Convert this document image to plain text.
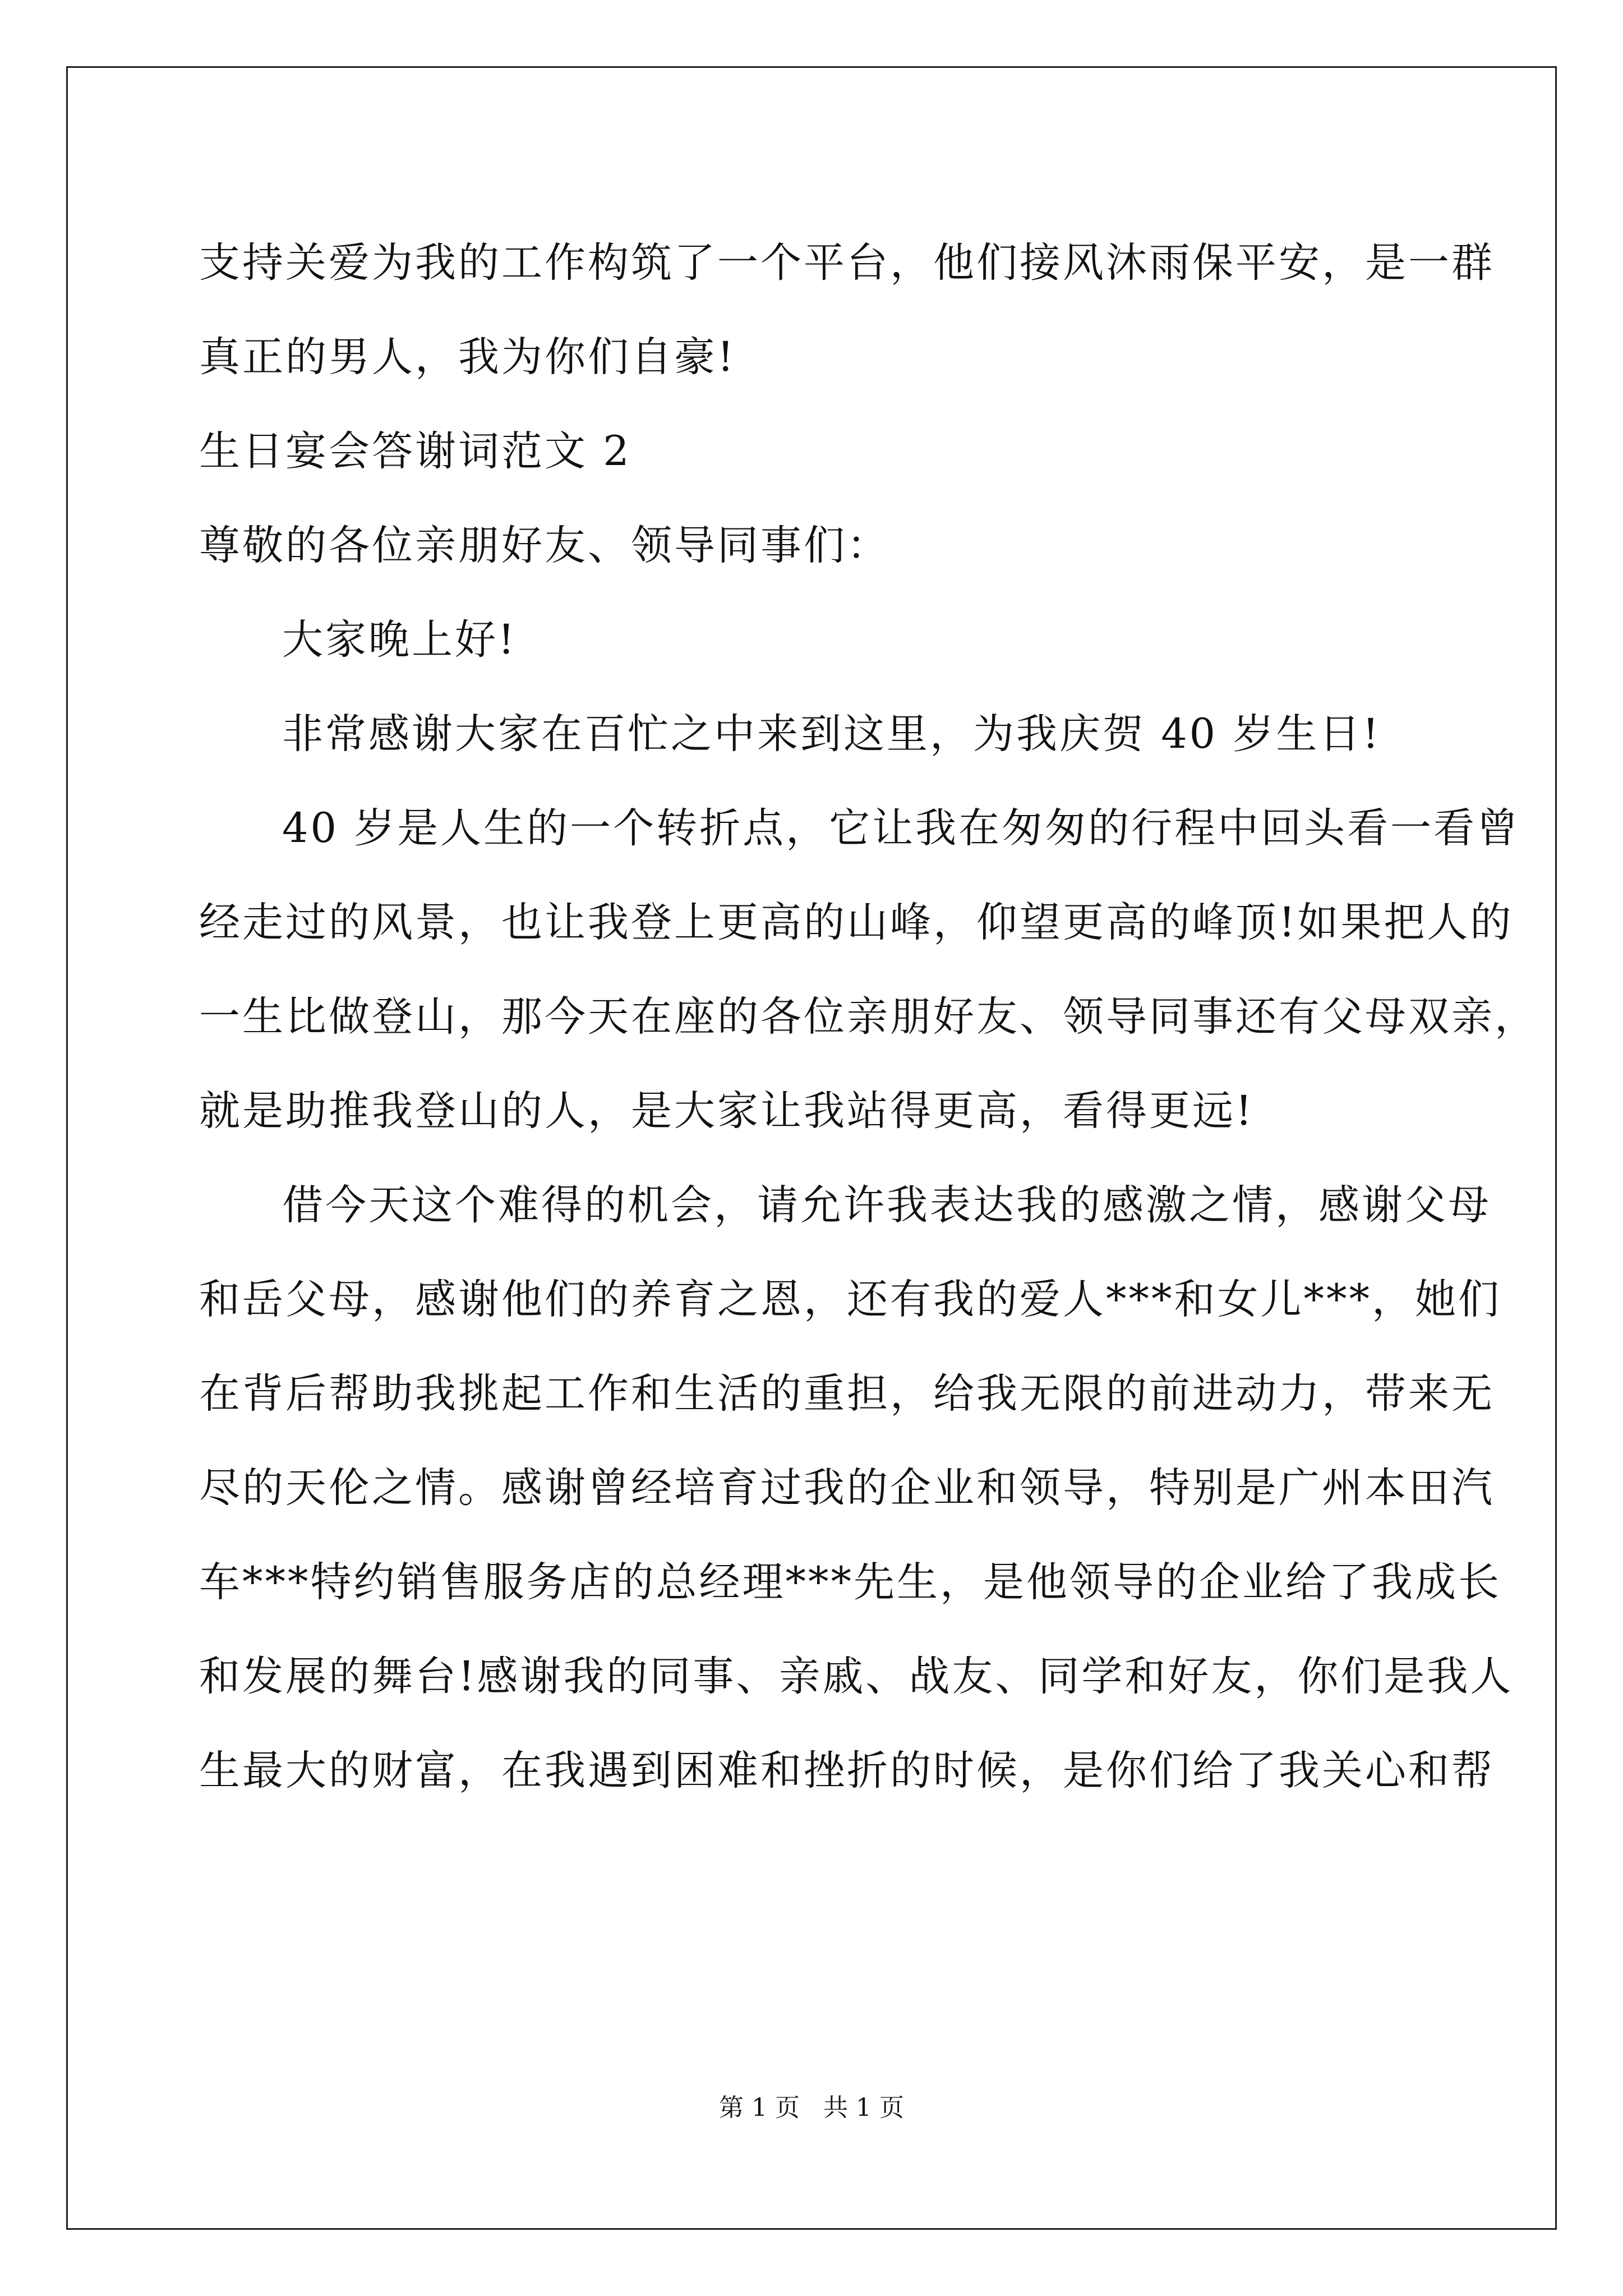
支持关爱为我的工作构筑了一个平台，他们接风沐雨保平安，是一群
真正的男人，我为你们自豪!
生日宴会答谢词范文 2
尊敬的各位亲朋好友、领导同事们：
大家晚上好!
非常感谢大家在百忙之中来到这里，为我庆贺 40 岁生日!
40 岁是人生的一个转折点，它让我在匆匆的行程中回头看一看曾
经走过的风景，也让我登上更高的山峰，仰望更高的峰顶!如果把人的
一生比做登山，那今天在座的各位亲朋好友、领导同事还有父母双亲，
就是助推我登山的人，是大家让我站得更高，看得更远!
借今天这个难得的机会，请允许我表达我的感激之情，感谢父母
和岳父母，感谢他们的养育之恩，还有我的爱人***和女儿***，她们
在背后帮助我挑起工作和生活的重担，给我无限的前进动力，带来无
尽的天伦之情。感谢曾经培育过我的企业和领导，特别是广州本田汽
车***特约销售服务店的总经理***先生，是他领导的企业给了我成长
和发展的舞台!感谢我的同事、亲戚、战友、同学和好友，你们是我人
生最大的财富，在我遇到困难和挫折的时候，是你们给了我关心和帮
第 1 页   共 1 页
